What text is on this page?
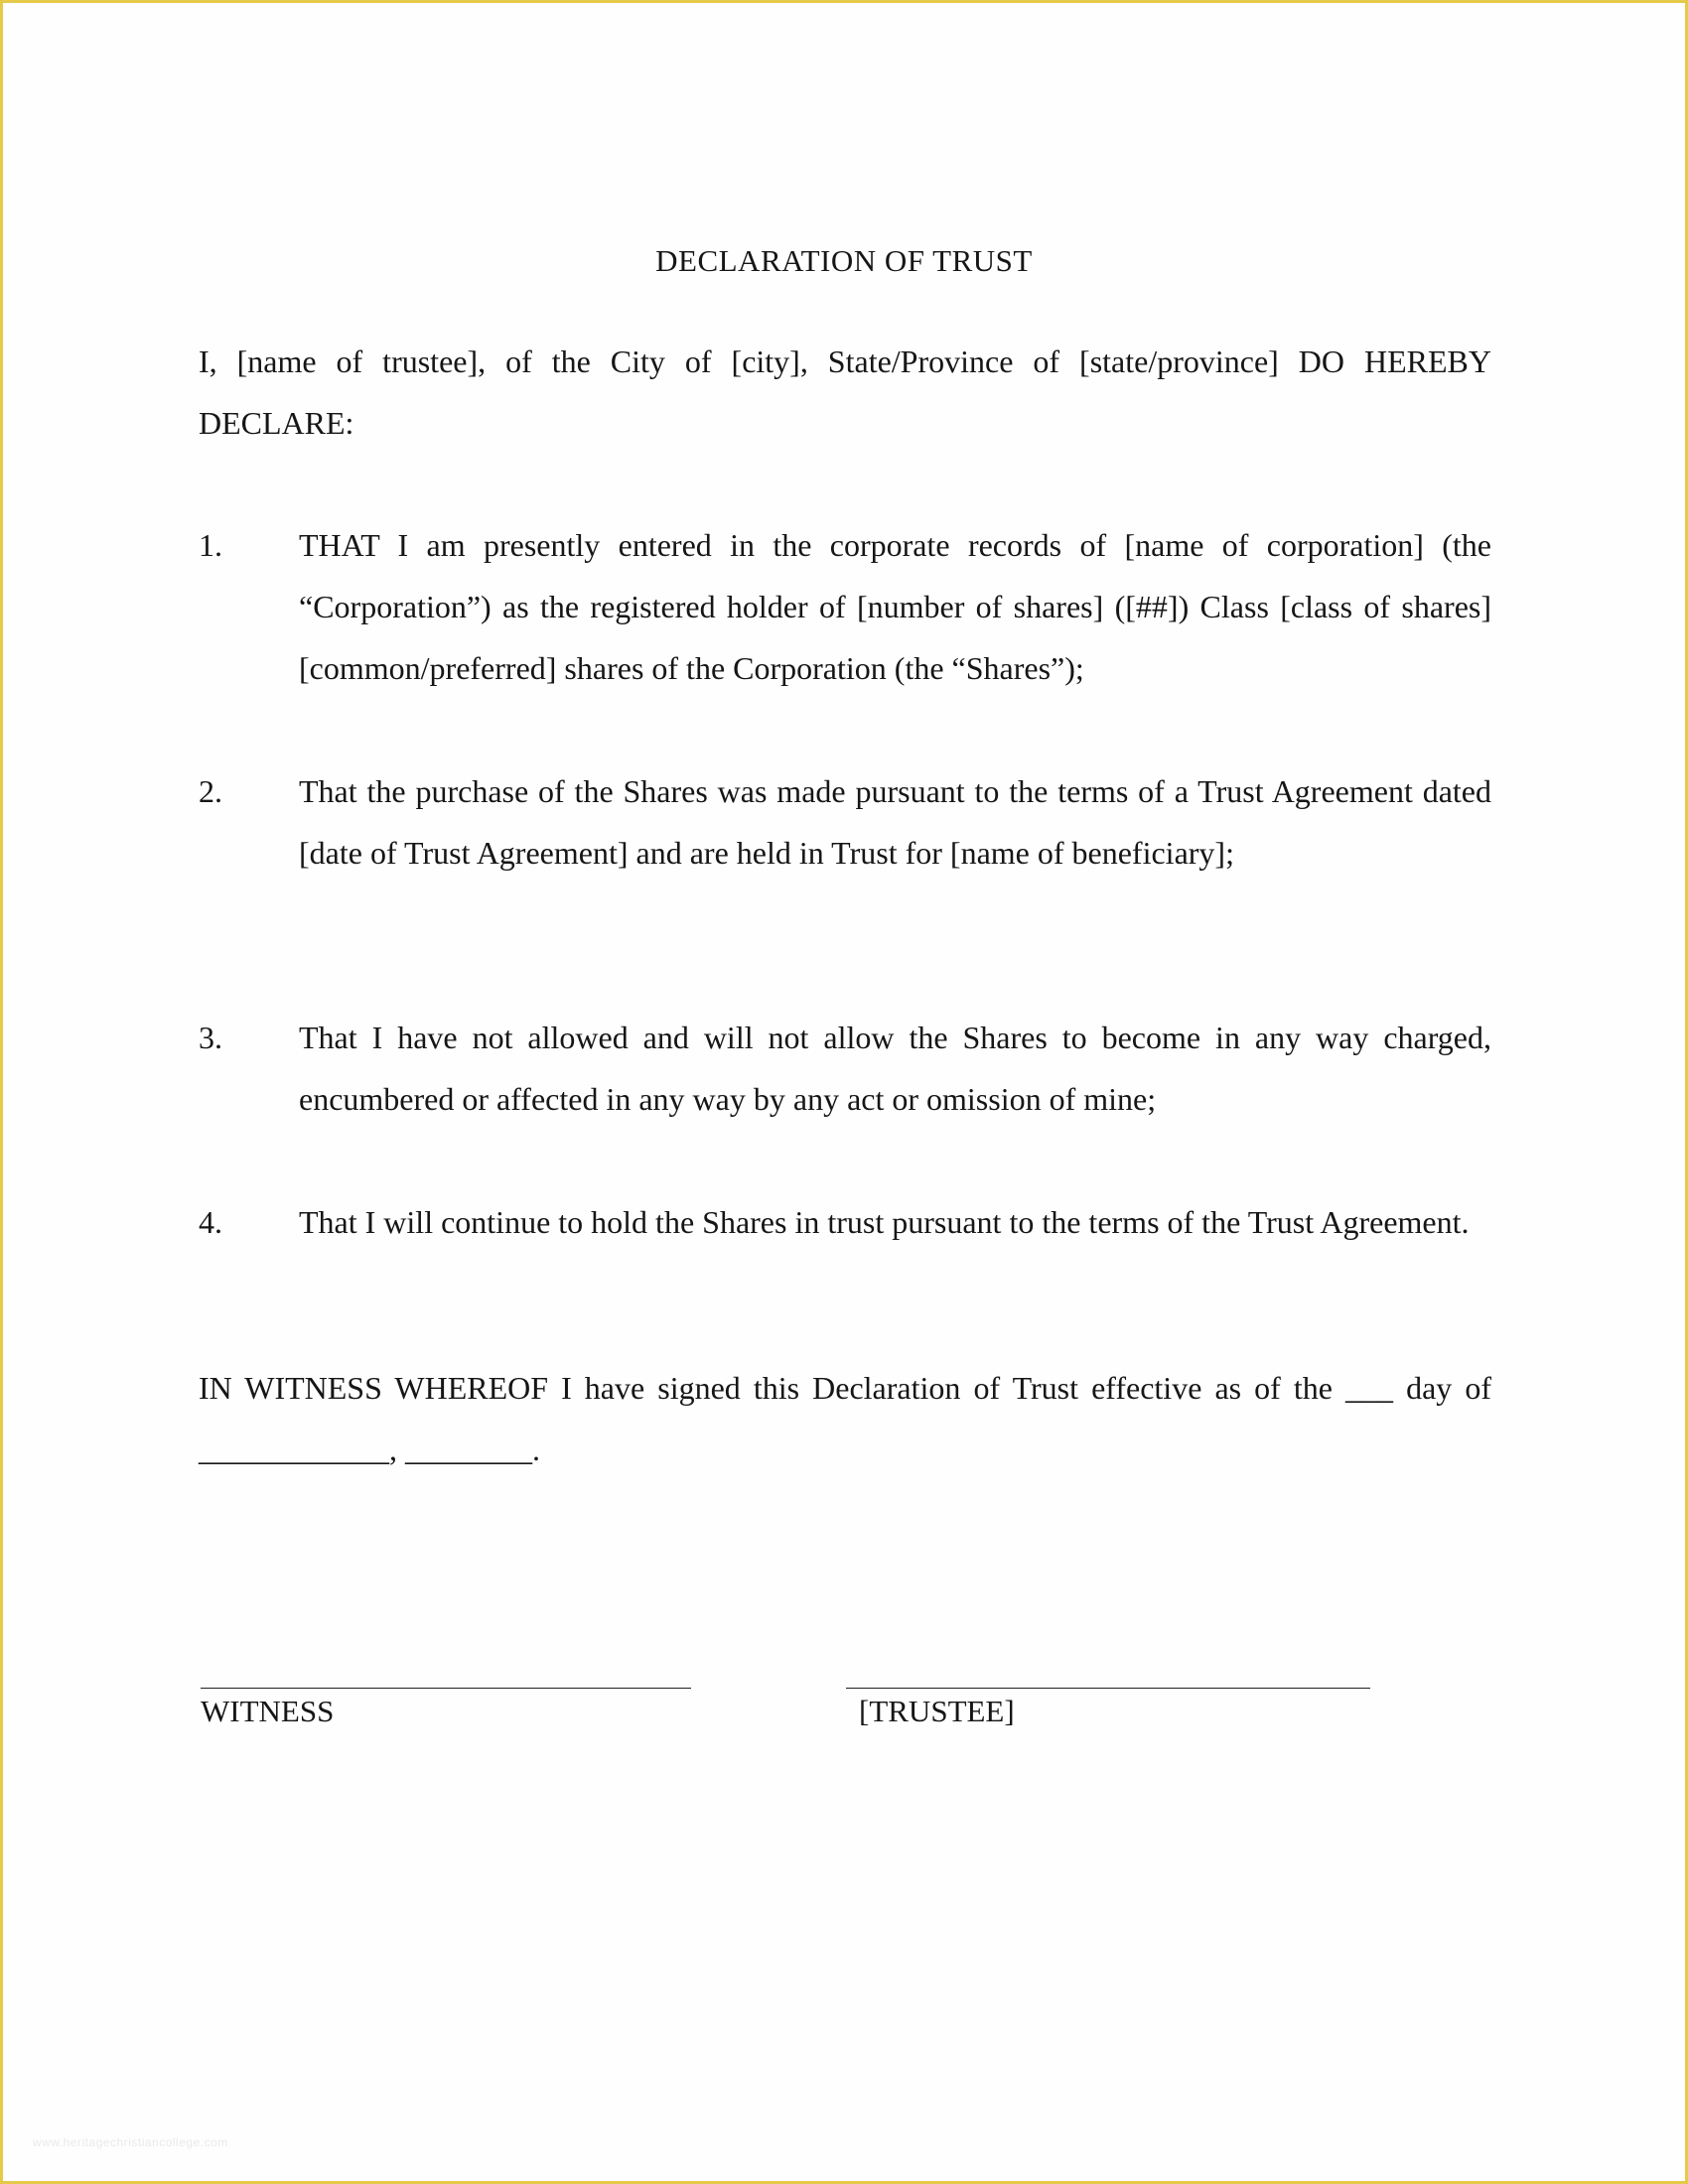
DECLARATION OF TRUST

I, [name of trustee], of the City of [city], State/Province of [state/province] DO HEREBY DECLARE:

1.	THAT I am presently entered in the corporate records of [name of corporation] (the “Corporation”) as the registered holder of [number of shares] ([##]) Class [class of shares] [common/preferred] shares of the Corporation (the “Shares”);

2.	That the purchase of the Shares was made pursuant to the terms of a Trust Agreement dated [date of Trust Agreement] and are held in Trust for [name of beneficiary];

3.	That I have not allowed and will not allow the Shares to become in any way charged, encumbered or affected in any way by any act or omission of mine;

4.	That I will continue to hold the Shares in trust pursuant to the terms of the Trust Agreement.

IN WITNESS WHEREOF I have signed this Declaration of Trust effective as of the ___ day of ____________, ________.

WITNESS	[TRUSTEE]
www.heritagechristiancollege.com
